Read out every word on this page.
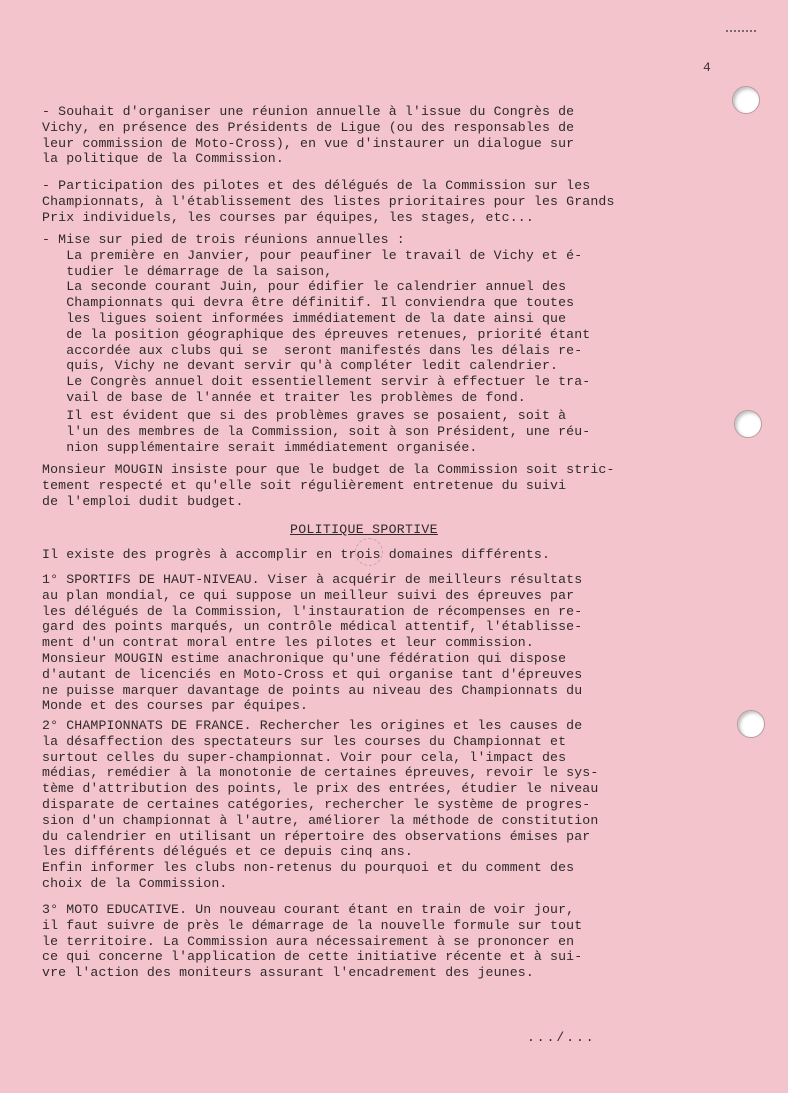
4
- Souhait d'organiser une réunion annuelle à l'issue du Congrès de
Vichy, en présence des Présidents de Ligue (ou des responsables de
leur commission de Moto-Cross), en vue d'instaurer un dialogue sur
la politique de la Commission.
- Participation des pilotes et des délégués de la Commission sur les
Championnats, à l'établissement des listes prioritaires pour les Grands
Prix individuels, les courses par équipes, les stages, etc...
- Mise sur pied de trois réunions annuelles :
La première en Janvier, pour peaufiner le travail de Vichy et é-
tudier le démarrage de la saison,
La seconde courant Juin, pour édifier le calendrier annuel des
Championnats qui devra être définitif. Il conviendra que toutes
les ligues soient informées immédiatement de la date ainsi que
de la position géographique des épreuves retenues, priorité étant
accordée aux clubs qui se  seront manifestés dans les délais re-
quis, Vichy ne devant servir qu'à compléter ledit calendrier.
Le Congrès annuel doit essentiellement servir à effectuer le tra-
vail de base de l'année et traiter les problèmes de fond.
Il est évident que si des problèmes graves se posaient, soit à
l'un des membres de la Commission, soit à son Président, une réu-
nion supplémentaire serait immédiatement organisée.
Monsieur MOUGIN insiste pour que le budget de la Commission soit stric-
tement respecté et qu'elle soit régulièrement entretenue du suivi
de l'emploi dudit budget.
POLITIQUE SPORTIVE
Il existe des progrès à accomplir en trois domaines différents.
1° SPORTIFS DE HAUT-NIVEAU. Viser à acquérir de meilleurs résultats
au plan mondial, ce qui suppose un meilleur suivi des épreuves par
les délégués de la Commission, l'instauration de récompenses en re-
gard des points marqués, un contrôle médical attentif, l'établisse-
ment d'un contrat moral entre les pilotes et leur commission.
Monsieur MOUGIN estime anachronique qu'une fédération qui dispose
d'autant de licenciés en Moto-Cross et qui organise tant d'épreuves
ne puisse marquer davantage de points au niveau des Championnats du
Monde et des courses par équipes.
2° CHAMPIONNATS DE FRANCE. Rechercher les origines et les causes de
la désaffection des spectateurs sur les courses du Championnat et
surtout celles du super-championnat. Voir pour cela, l'impact des
médias, remédier à la monotonie de certaines épreuves, revoir le sys-
tème d'attribution des points, le prix des entrées, étudier le niveau
disparate de certaines catégories, rechercher le système de progres-
sion d'un championnat à l'autre, améliorer la méthode de constitution
du calendrier en utilisant un répertoire des observations émises par
les différents délégués et ce depuis cinq ans.
Enfin informer les clubs non-retenus du pourquoi et du comment des
choix de la Commission.
3° MOTO EDUCATIVE. Un nouveau courant étant en train de voir jour,
il faut suivre de près le démarrage de la nouvelle formule sur tout
le territoire. La Commission aura nécessairement à se prononcer en
ce qui concerne l'application de cette initiative récente et à sui-
vre l'action des moniteurs assurant l'encadrement des jeunes.
.../...
